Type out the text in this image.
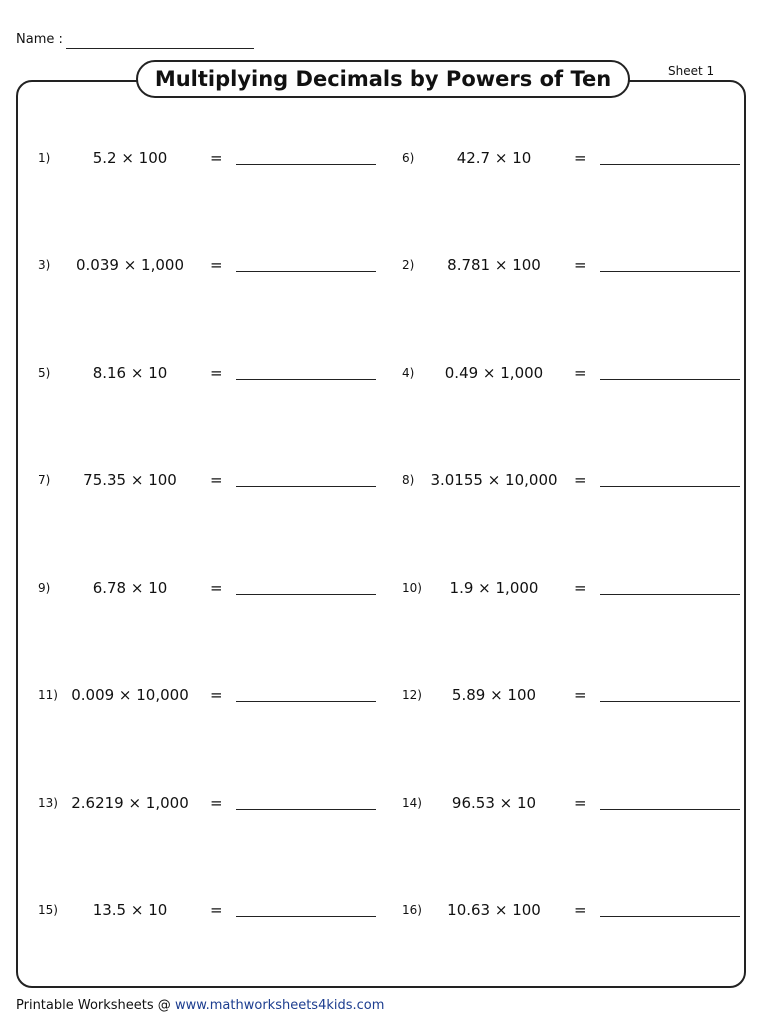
Name :
Sheet 1
Multiplying Decimals by Powers of Ten
1)	5.2 × 100	=	6)	42.7 × 10	=
3)	0.039 × 1,000	=	2)	8.781 × 100	=
5)	8.16 × 10	=	4)	0.49 × 1,000	=
7)	75.35 × 100	=	8)	3.0155 × 10,000	=
9)	6.78 × 10	=	10)	1.9 × 1,000	=
11) 0.009 × 10,000	=	12)	5.89 × 100	=
13) 2.6219 × 1,000	=	14)	96.53 × 10	=
15)	13.5 × 10	=	16)	10.63 × 100	=
Printable Worksheets @ www.mathworksheets4kids.com
